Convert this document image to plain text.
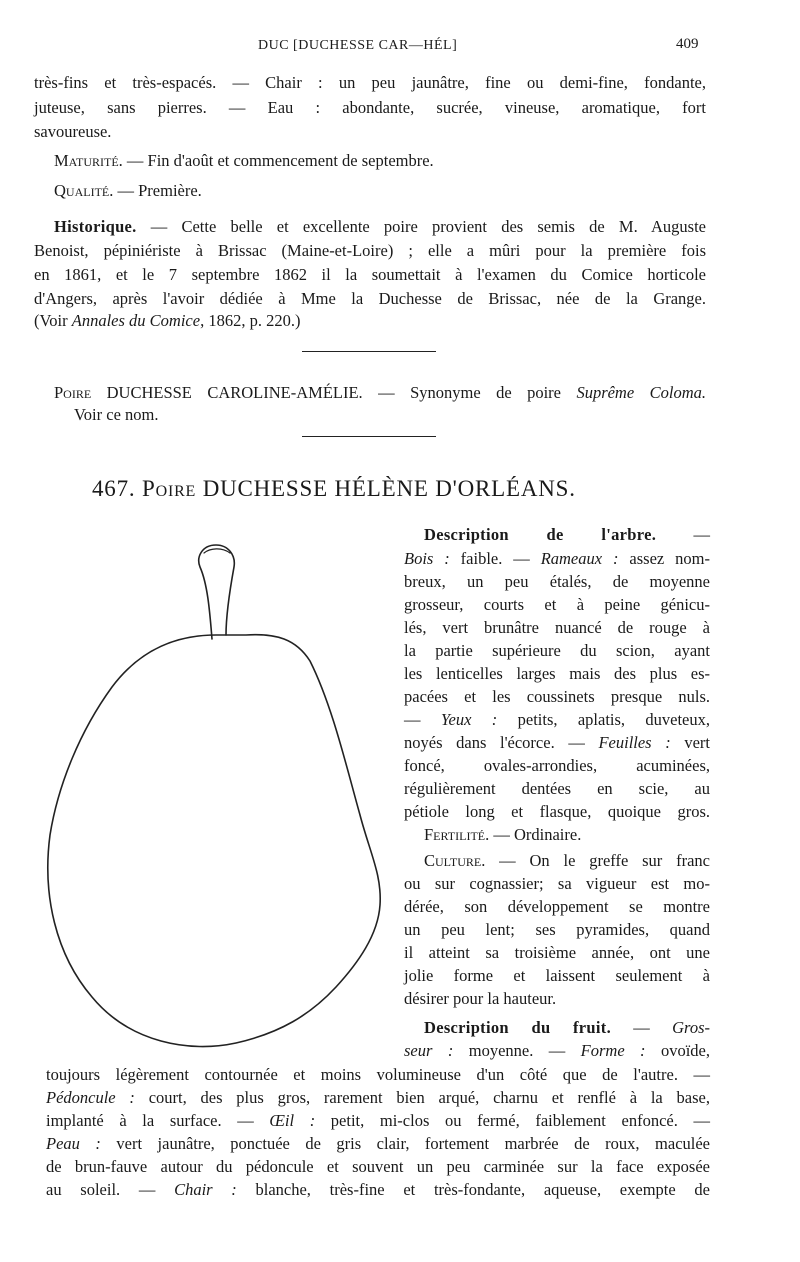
DUC [DUCHESSE CAR—HÉL]	409
très-fins et très-espacés. — Chair : un peu jaunâtre, fine ou demi-fine, fondante,
juteuse, sans pierres. — Eau : abondante, sucrée, vineuse, aromatique, fort
savoureuse.
Maturité. — Fin d'août et commencement de septembre.
Qualité. — Première.
Historique. — Cette belle et excellente poire provient des semis de M. Auguste
Benoist, pépiniériste à Brissac (Maine-et-Loire) ; elle a mûri pour la première fois
en 1861, et le 7 septembre 1862 il la soumettait à l'examen du Comice horticole
d'Angers, après l'avoir dédiée à Mme la Duchesse de Brissac, née de la Grange.
(Voir Annales du Comice, 1862, p. 220.)
Poire DUCHESSE CAROLINE-AMÉLIE. — Synonyme de poire Suprême Coloma.
Voir ce nom.
467. Poire DUCHESSE HÉLÈNE D'ORLÉANS.
Description de l'arbre. —
Bois : faible. — Rameaux : assez nom-
breux, un peu étalés, de moyenne
grosseur, courts et à peine génicu-
lés, vert brunâtre nuancé de rouge à
la partie supérieure du scion, ayant
les lenticelles larges mais des plus es-
pacées et les coussinets presque nuls.
— Yeux : petits, aplatis, duveteux,
noyés dans l'écorce. — Feuilles : vert
foncé, ovales-arrondies, acuminées,
régulièrement dentées en scie, au
pétiole long et flasque, quoique gros.
Fertilité. — Ordinaire.
Culture. — On le greffe sur franc
ou sur cognassier; sa vigueur est mo-
dérée, son développement se montre
un peu lent; ses pyramides, quand
il atteint sa troisième année, ont une
jolie forme et laissent seulement à
désirer pour la hauteur.
Description du fruit. — Gros-
seur : moyenne. — Forme : ovoïde,
toujours légèrement contournée et moins volumineuse d'un côté que de l'autre. —
Pédoncule : court, des plus gros, rarement bien arqué, charnu et renflé à la base,
implanté à la surface. — Œil : petit, mi-clos ou fermé, faiblement enfoncé. —
Peau : vert jaunâtre, ponctuée de gris clair, fortement marbrée de roux, maculée
de brun-fauve autour du pédoncule et souvent un peu carminée sur la face exposée
au soleil. — Chair : blanche, très-fine et très-fondante, aqueuse, exempte de
